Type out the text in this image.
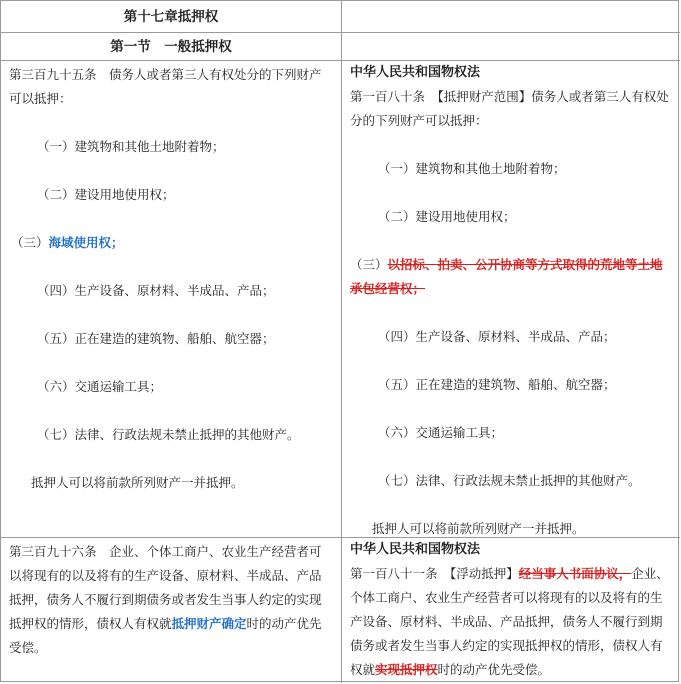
第十七章抵押权
第一节　一般抵押权
第三百九十五条　债务人或者第三人有权处分的下列财产可以抵押：
（一）建筑物和其他土地附着物；
（二）建设用地使用权；
（三）海域使用权；
（四）生产设备、原材料、半成品、产品；
（五）正在建造的建筑物、船舶、航空器；
（六）交通运输工具；
（七）法律、行政法规未禁止抵押的其他财产。
抵押人可以将前款所列财产一并抵押。
中华人民共和国物权法
第一百八十条　【抵押财产范围】债务人或者第三人有权处分的下列财产可以抵押：
（一）建筑物和其他土地附着物；
（二）建设用地使用权；
（三）以招标、拍卖、公开协商等方式取得的荒地等土地承包经营权；
（四）生产设备、原材料、半成品、产品；
（五）正在建造的建筑物、船舶、航空器；
（六）交通运输工具；
（七）法律、行政法规未禁止抵押的其他财产。
抵押人可以将前款所列财产一并抵押。
第三百九十六条　企业、个体工商户、农业生产经营者可以将现有的以及将有的生产设备、原材料、半成品、产品抵押，债务人不履行到期债务或者发生当事人约定的实现抵押权的情形，债权人有权就抵押财产确定时的动产优先受偿。
中华人民共和国物权法
第一百八十一条　【浮动抵押】经当事人书面协议，企业、个体工商户、农业生产经营者可以将现有的以及将有的生产设备、原材料、半成品、产品抵押，债务人不履行到期债务或者发生当事人约定的实现抵押权的情形，债权人有权就实现抵押权时的动产优先受偿。
